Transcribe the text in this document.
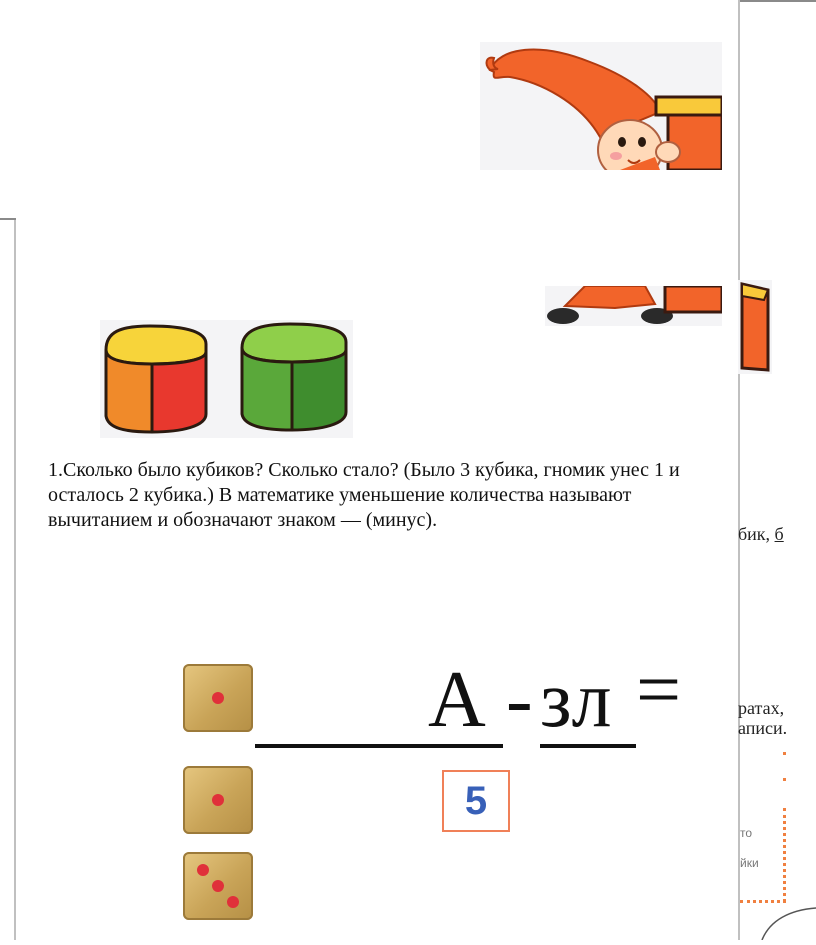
1.Сколько было кубиков? Сколько стало? (Было 3 кубика, гномик унес 1 и осталось 2 кубика.) В математике уменьшение количества называют вычитанием и обозначают знаком — (минус).
бик, б
ратах,
аписи.
то
йки
А - зл =
5
